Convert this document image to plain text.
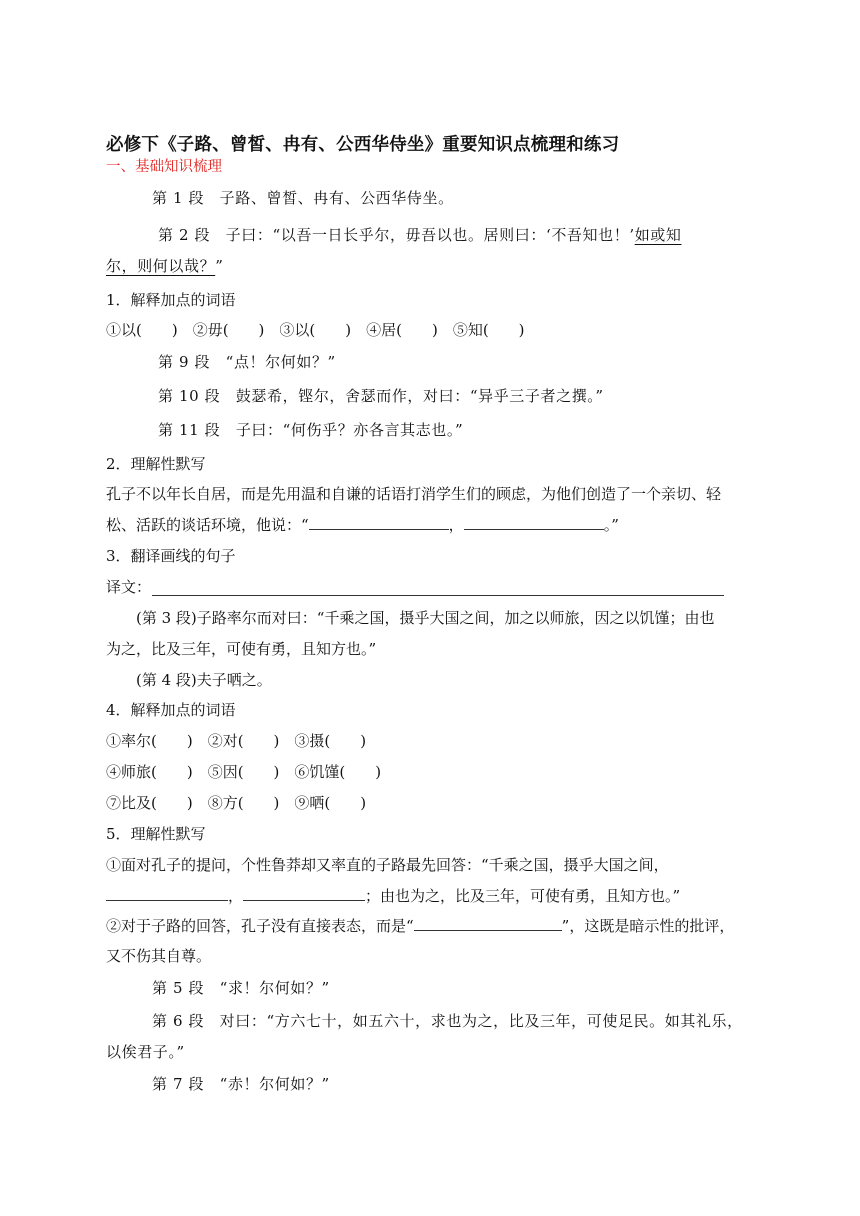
必修下《子路、曾皙、冉有、公西华侍坐》重要知识点梳理和练习
一、基础知识梳理
第 1 段　子路、曾皙、冉有、公西华侍坐。
第 2 段　子曰：“以吾一日长乎尔，毋吾以也。居则曰：‘不吾知也！’如或知
尔，则何以哉？”
1．解释加点的词语
①以(　　)　②毋(　　)　③以(　　)　④居(　　)　⑤知(　　)
第 9 段　“点！尔何如？”
第 10 段　鼓瑟希，铿尔，舍瑟而作，对曰：“异乎三子者之撰。”
第 11 段　子曰：“何伤乎？亦各言其志也。”
2．理解性默写
孔子不以年长自居，而是先用温和自谦的话语打消学生们的顾虑，为他们创造了一个亲切、轻
松、活跃的谈话环境，他说：“	，	。”
3．翻译画线的句子
译文：
(第 3 段)子路率尔而对曰：“千乘之国，摄乎大国之间，加之以师旅，因之以饥馑；由也
为之，比及三年，可使有勇，且知方也。”
(第 4 段)夫子哂之。
4．解释加点的词语
①率尔(　　)　②对(　　)　③摄(　　)
④师旅(　　)　⑤因(　　)　⑥饥馑(　　)
⑦比及(　　)　⑧方(　　)　⑨哂(　　)
5．理解性默写
①面对孔子的提问，个性鲁莽却又率直的子路最先回答：“千乘之国，摄乎大国之间，
，	；由也为之，比及三年，可使有勇，且知方也。”
②对于子路的回答，孔子没有直接表态，而是“	”，这既是暗示性的批评，
又不伤其自尊。
第 5 段　“求！尔何如？”
第 6 段　对曰：“方六七十，如五六十，求也为之，比及三年，可使足民。如其礼乐，
以俟君子。”
第 7 段　“赤！尔何如？”
